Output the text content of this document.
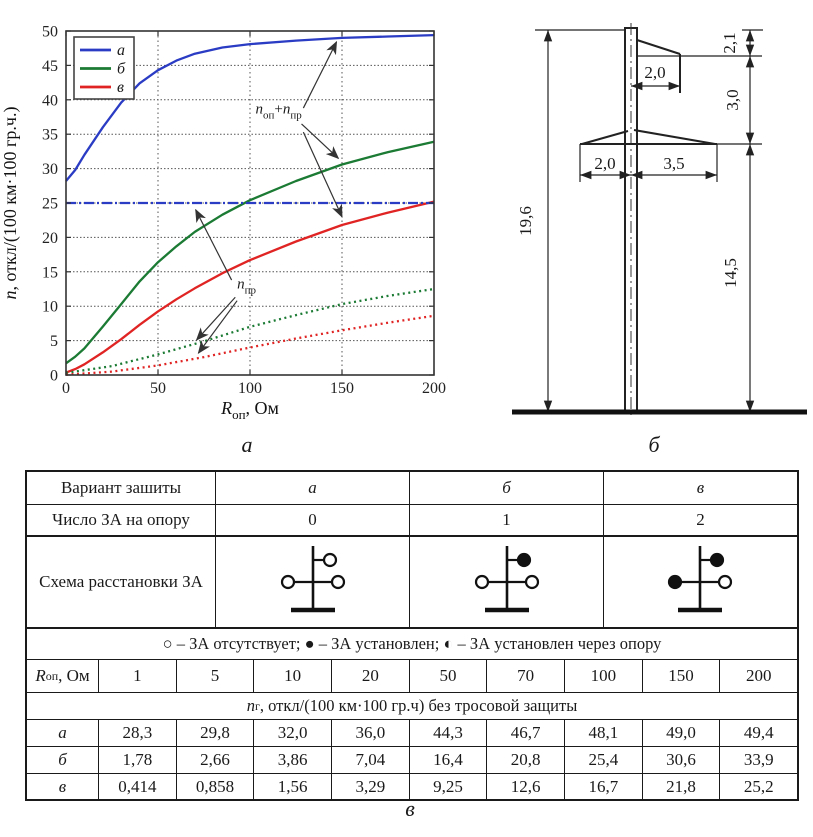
0
5
10
15
20
25
30
35
40
45
50
0	50	100	150	200
$R_{оп}$, Ом
n, откл/(100 км·100 гр.ч.)
а
б
в
$n_{оп}+n_{пр}$
$n_{пр}$
а
2,0
2,1
3,0
2,0	3,5
19,6
14,5
б
Вариант зашиты	а	б	в
Число ЗА на опору	0	1	2
Схема расстановки ЗА
○ – ЗА отсутствует; ● – ЗА установлен; ◐ – ЗА установлен через опору
R оп , Ом	1	5	10	20	50	70	100	150	200
n г , откл/(100 км·100 гр.ч) без тросовой защиты
а	28,3	29,8	32,0	36,0	44,3	46,7	48,1	49,0	49,4
б	1,78	2,66	3,86	7,04	16,4	20,8	25,4	30,6	33,9
в	0,414	0,858	1,56	3,29	9,25	12,6	16,7	21,8	25,2
в
